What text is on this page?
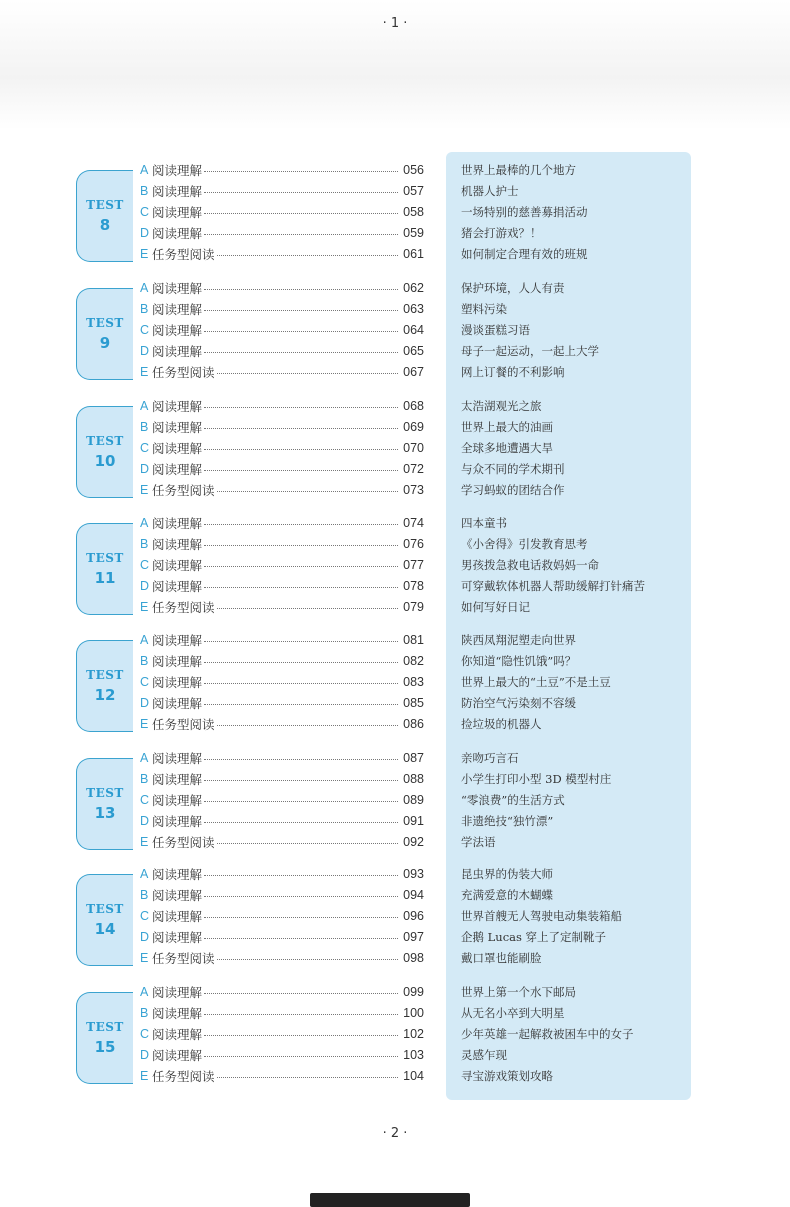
· 1 ·
TEST
8
A 阅读理解	056	世界上最棒的几个地方
B 阅读理解	057	机器人护士
C 阅读理解	058	一场特别的慈善募捐活动
D 阅读理解	059	猪会打游戏？！
E 任务型阅读	061	如何制定合理有效的班规
TEST
9
A 阅读理解	062	保护环境，人人有责
B 阅读理解	063	塑料污染
C 阅读理解	064	漫谈蛋糕习语
D 阅读理解	065	母子一起运动，一起上大学
E 任务型阅读	067	网上订餐的不利影响
TEST
10
A 阅读理解	068	太浩湖观光之旅
B 阅读理解	069	世界上最大的油画
C 阅读理解	070	全球多地遭遇大旱
D 阅读理解	072	与众不同的学术期刊
E 任务型阅读	073	学习蚂蚁的团结合作
TEST
11
A 阅读理解	074	四本童书
B 阅读理解	076	《小舍得》引发教育思考
C 阅读理解	077	男孩拨急救电话救妈妈一命
D 阅读理解	078	可穿戴软体机器人帮助缓解打针痛苦
E 任务型阅读	079	如何写好日记
TEST
12
A 阅读理解	081	陕西凤翔泥塑走向世界
B 阅读理解	082	你知道“隐性饥饿”吗？
C 阅读理解	083	世界上最大的“土豆”不是土豆
D 阅读理解	085	防治空气污染刻不容缓
E 任务型阅读	086	捡垃圾的机器人
TEST
13
A 阅读理解	087	亲吻巧言石
B 阅读理解	088	小学生打印小型 3D 模型村庄
C 阅读理解	089	“零浪费”的生活方式
D 阅读理解	091	非遗绝技“独竹漂”
E 任务型阅读	092	学法语
TEST
14
A 阅读理解	093	昆虫界的伪装大师
B 阅读理解	094	充满爱意的木蝴蝶
C 阅读理解	096	世界首艘无人驾驶电动集装箱船
D 阅读理解	097	企鹅 Lucas 穿上了定制靴子
E 任务型阅读	098	戴口罩也能刷脸
TEST
15
A 阅读理解	099	世界上第一个水下邮局
B 阅读理解	100	从无名小卒到大明星
C 阅读理解	102	少年英雄一起解救被困车中的女子
D 阅读理解	103	灵感乍现
E 任务型阅读	104	寻宝游戏策划攻略
· 2 ·
